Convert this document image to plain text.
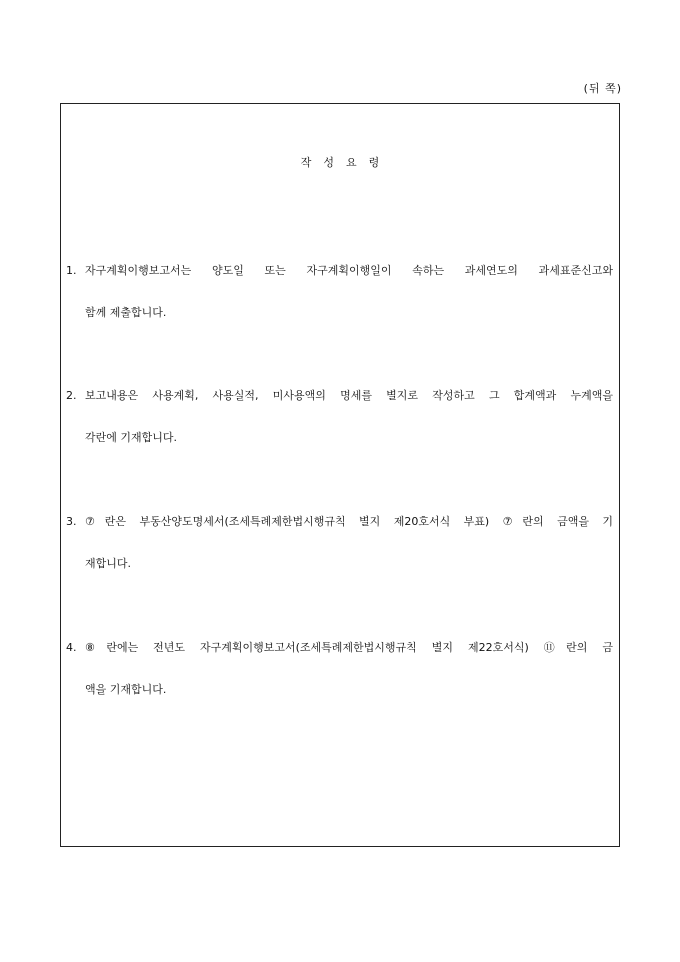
(뒤 쪽)
작성요령
1. 자구계획이행보고서는 양도일 또는 자구계획이행일이 속하는 과세연도의 과세표준신고와
함께 제출합니다.
2. 보고내용은 사용계획, 사용실적, 미사용액의 명세를 별지로 작성하고 그 합계액과 누계액을
각란에 기재합니다.
3. ⑦란은 부동산양도명세서(조세특례제한법시행규칙 별지 제20호서식 부표) ⑦란의 금액을 기
재합니다.
4. ⑧란에는 전년도 자구계획이행보고서(조세특례제한법시행규칙 별지 제22호서식) ⑪란의 금
액을 기재합니다.
